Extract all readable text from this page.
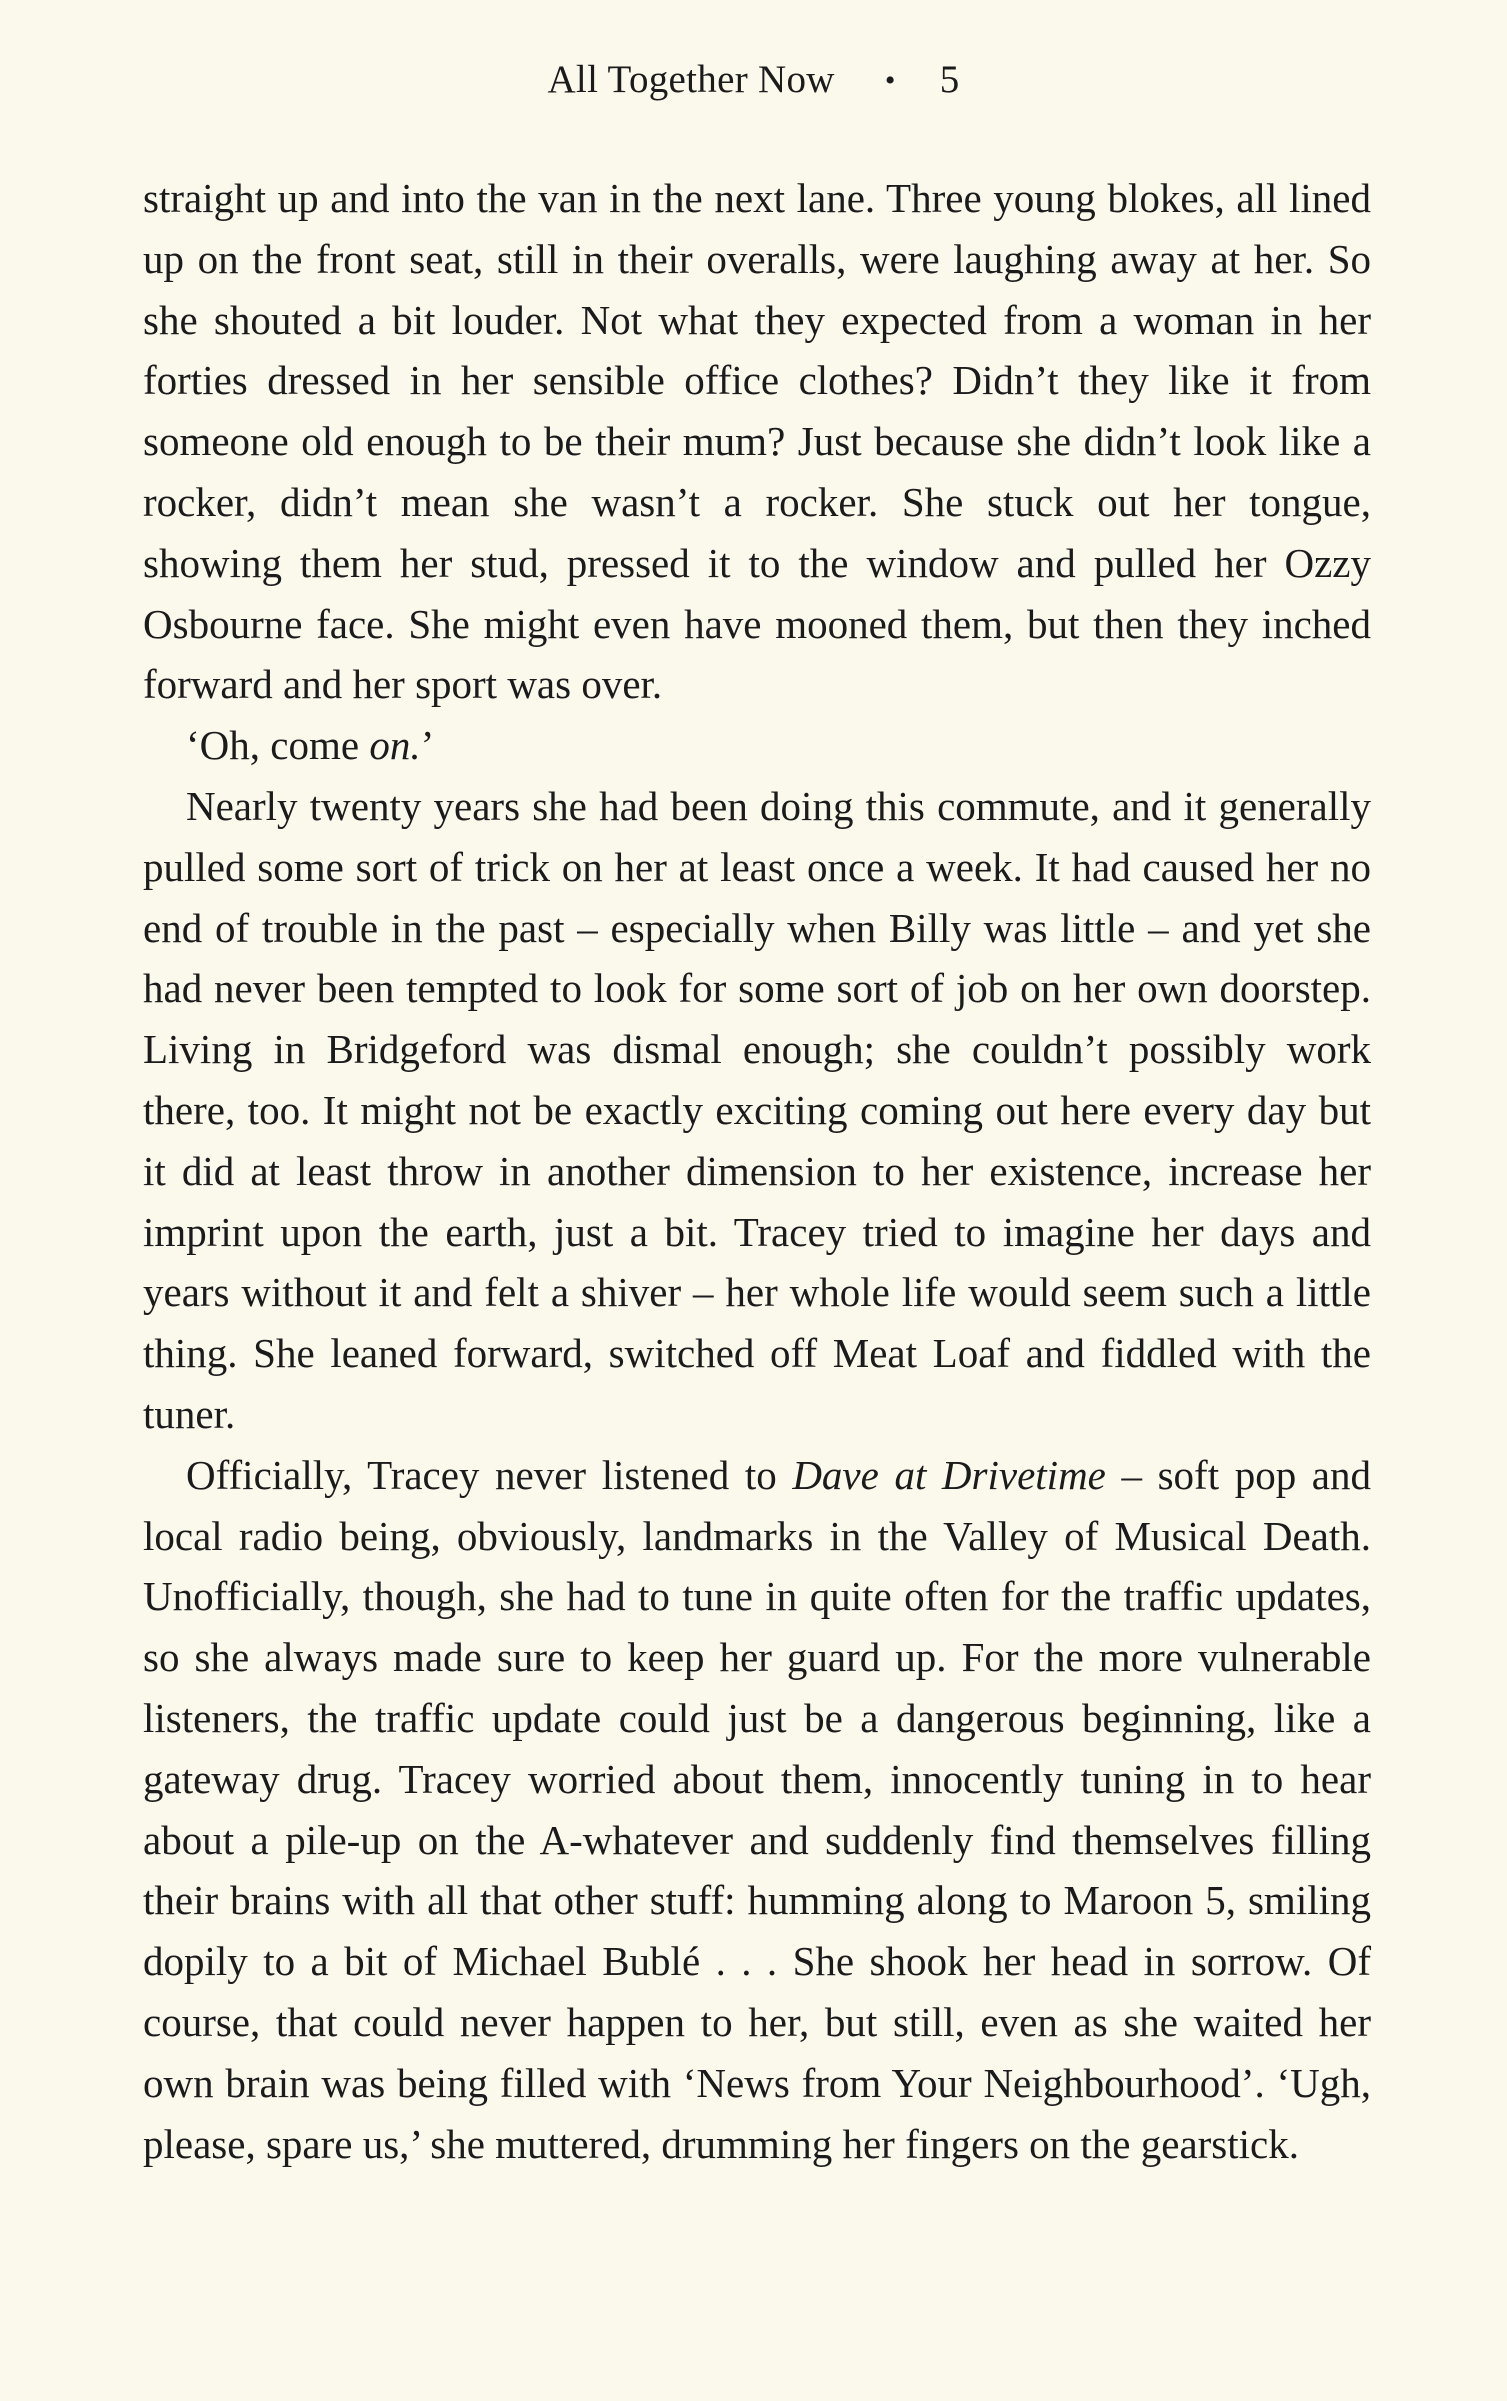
All Together Now • 5

straight up and into the van in the next lane. Three young blokes, all lined up on the front seat, still in their overalls, were laughing away at her. So she shouted a bit louder. Not what they expected from a woman in her forties dressed in her sensible office clothes? Didn’t they like it from someone old enough to be their mum? Just because she didn’t look like a rocker, didn’t mean she wasn’t a rocker. She stuck out her tongue, showing them her stud, pressed it to the window and pulled her Ozzy Osbourne face. She might even have mooned them, but then they inched forward and her sport was over.

‘Oh, come on.’

Nearly twenty years she had been doing this commute, and it generally pulled some sort of trick on her at least once a week. It had caused her no end of trouble in the past – especially when Billy was little – and yet she had never been tempted to look for some sort of job on her own doorstep. Living in Bridgeford was dismal enough; she couldn’t possibly work there, too. It might not be exactly exciting coming out here every day but it did at least throw in another dimension to her existence, increase her imprint upon the earth, just a bit. Tracey tried to imagine her days and years without it and felt a shiver – her whole life would seem such a little thing. She leaned forward, switched off Meat Loaf and fiddled with the tuner.

Officially, Tracey never listened to Dave at Drivetime – soft pop and local radio being, obviously, landmarks in the Valley of Musical Death. Unofficially, though, she had to tune in quite often for the traffic updates, so she always made sure to keep her guard up. For the more vulnerable listeners, the traffic update could just be a dangerous beginning, like a gateway drug. Tracey worried about them, innocently tuning in to hear about a pile-up on the A-whatever and suddenly find themselves filling their brains with all that other stuff: humming along to Maroon 5, smiling dopily to a bit of Michael Bublé . . . She shook her head in sorrow. Of course, that could never happen to her, but still, even as she waited her own brain was being filled with ‘News from Your Neighbourhood’. ‘Ugh, please, spare us,’ she muttered, drumming her fingers on the gearstick.
